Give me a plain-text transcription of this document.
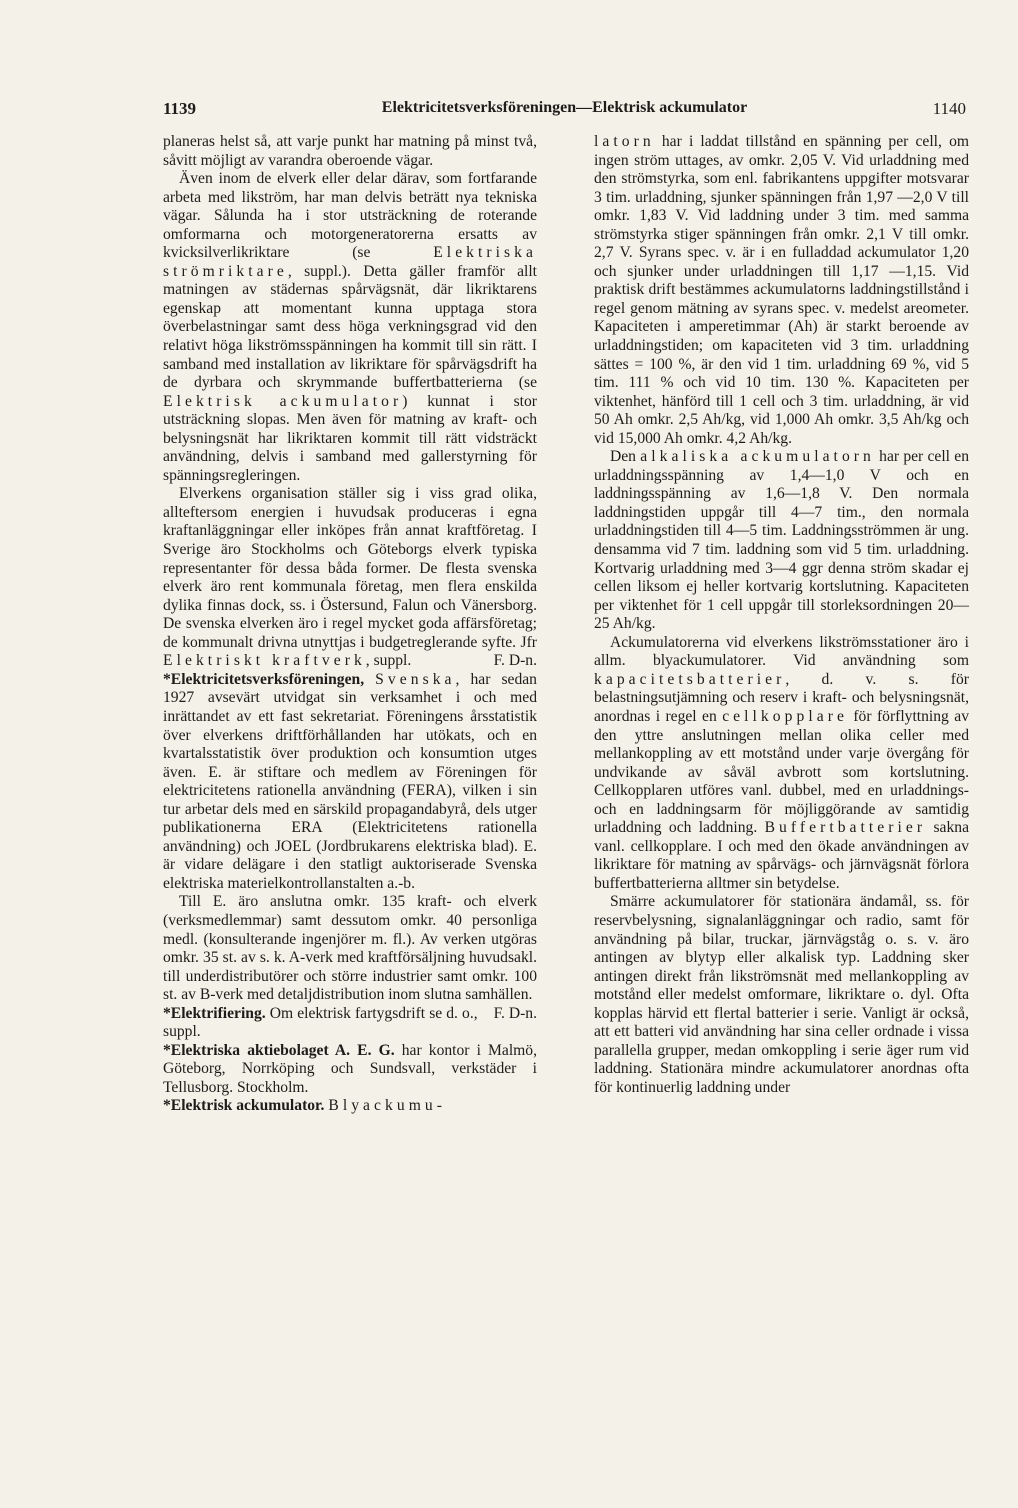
1139	Elektricitetsverksföreningen—Elektrisk ackumulator	1140

planeras helst så, att varje punkt har matning på minst två, såvitt möjligt av varandra oberoende vägar.

Även inom de elverk eller delar därav, som fortfarande arbeta med likström, har man delvis beträtt nya tekniska vägar. Sålunda ha i stor utsträckning de roterande omformarna och motorgeneratorerna ersatts av kvicksilverlikriktare (se Elektriska strömriktare, suppl.). Detta gäller framför allt matningen av städernas spårvägsnät, där likriktarens egenskap att momentant kunna upptaga stora överbelastningar samt dess höga verkningsgrad vid den relativt höga likströmsspänningen ha kommit till sin rätt. I samband med installation av likriktare för spårvägsdrift ha de dyrbara och skrymmande buffertbatterierna (se Elektrisk ackumulator) kunnat i stor utsträckning slopas. Men även för matning av kraft- och belysningsnät har likriktaren kommit till rätt vidsträckt användning, delvis i samband med gallerstyrning för spänningsregleringen.

Elverkens organisation ställer sig i viss grad olika, allteftersom energien i huvudsak produceras i egna kraftanläggningar eller inköpes från annat kraftföretag. I Sverige äro Stockholms och Göteborgs elverk typiska representanter för dessa båda former. De flesta svenska elverk äro rent kommunala företag, men flera enskilda dylika finnas dock, ss. i Östersund, Falun och Vänersborg. De svenska elverken äro i regel mycket goda affärsföretag; de kommunalt drivna utnyttjas i budgetreglerande syfte. Jfr Elektriskt kraftverk, suppl.	F. D-n.

*Elektricitetsverksföreningen, Svenska, har sedan 1927 avsevärt utvidgat sin verksamhet i och med inrättandet av ett fast sekretariat. Föreningens årsstatistik över elverkens driftförhållanden har utökats, och en kvartalsstatistik över produktion och konsumtion utges även. E. är stiftare och medlem av Föreningen för elektricitetens rationella användning (FERA), vilken i sin tur arbetar dels med en särskild propagandabyrå, dels utger publikationerna ERA (Elektricitetens rationella användning) och JOEL (Jordbrukarens elektriska blad). E. är vidare delägare i den statligt auktoriserade Svenska elektriska materielkontrollanstalten a.-b.

Till E. äro anslutna omkr. 135 kraft- och elverk (verksmedlemmar) samt dessutom omkr. 40 personliga medl. (konsulterande ingenjörer m. fl.). Av verken utgöras omkr. 35 st. av s. k. A-verk med kraftförsäljning huvudsakl. till underdistributörer och större industrier samt omkr. 100 st. av B-verk med detaljdistribution inom slutna samhällen.
F. D-n.

*Elektrifiering. Om elektrisk fartygsdrift se d. o., suppl.

*Elektriska aktiebolaget A. E. G. har kontor i Malmö, Göteborg, Norrköping och Sundsvall, verkstäder i Tellusborg. Stockholm.

*Elektrisk ackumulator. Blyackumu-

latorn har i laddat tillstånd en spänning per cell, om ingen ström uttages, av omkr. 2,05 V. Vid urladdning med den strömstyrka, som enl. fabrikantens uppgifter motsvarar 3 tim. urladdning, sjunker spänningen från 1,97 —2,0 V till omkr. 1,83 V. Vid laddning under 3 tim. med samma strömstyrka stiger spänningen från omkr. 2,1 V till omkr. 2,7 V. Syrans spec. v. är i en fulladdad ackumulator 1,20 och sjunker under urladdningen till 1,17 —1,15. Vid praktisk drift bestämmes ackumulatorns laddningstillstånd i regel genom mätning av syrans spec. v. medelst areometer. Kapaciteten i amperetimmar (Ah) är starkt beroende av urladdningstiden; om kapaciteten vid 3 tim. urladdning sättes = 100 %, är den vid 1 tim. urladdning 69 %, vid 5 tim. 111 % och vid 10 tim. 130 %. Kapaciteten per viktenhet, hänförd till 1 cell och 3 tim. urladdning, är vid 50 Ah omkr. 2,5 Ah/kg, vid 1,000 Ah omkr. 3,5 Ah/kg och vid 15,000 Ah omkr. 4,2 Ah/kg.

Den alkaliska ackumulatorn har per cell en urladdningsspänning av 1,4—1,0 V och en laddningsspänning av 1,6—1,8 V. Den normala laddningstiden uppgår till 4—7 tim., den normala urladdningstiden till 4—5 tim. Laddningsströmmen är ung. densamma vid 7 tim. laddning som vid 5 tim. urladdning. Kortvarig urladdning med 3—4 ggr denna ström skadar ej cellen liksom ej heller kortvarig kortslutning. Kapaciteten per viktenhet för 1 cell uppgår till storleksordningen 20—25 Ah/kg.

Ackumulatorerna vid elverkens likströmsstationer äro i allm. blyackumulatorer. Vid användning som kapacitetsbatterier, d. v. s. för belastningsutjämning och reserv i kraft- och belysningsnät, anordnas i regel en cellkopplare för förflyttning av den yttre anslutningen mellan olika celler med mellankoppling av ett motstånd under varje övergång för undvikande av såväl avbrott som kortslutning. Cellkopplaren utföres vanl. dubbel, med en urladdnings- och en laddningsarm för möjliggörande av samtidig urladdning och laddning. Buffertbatterier sakna vanl. cellkopplare. I och med den ökade användningen av likriktare för matning av spårvägs- och järnvägsnät förlora buffertbatterierna alltmer sin betydelse.

Smärre ackumulatorer för stationära ändamål, ss. för reservbelysning, signalanläggningar och radio, samt för användning på bilar, truckar, järnvägståg o. s. v. äro antingen av blytyp eller alkalisk typ. Laddning sker antingen direkt från likströmsnät med mellankoppling av motstånd eller medelst omformare, likriktare o. dyl. Ofta kopplas härvid ett flertal batterier i serie. Vanligt är också, att ett batteri vid användning har sina celler ordnade i vissa parallella grupper, medan omkoppling i serie äger rum vid laddning. Stationära mindre ackumulatorer anordnas ofta för kontinuerlig laddning under
